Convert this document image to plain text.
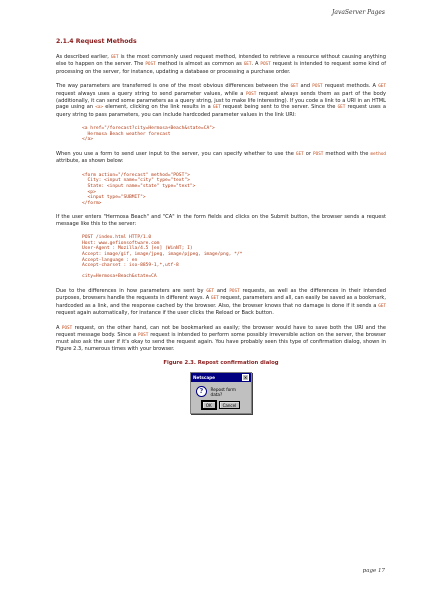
JavaServer Pages
2.1.4 Request Methods

As described earlier, GET is the most commonly used request method, intended to retrieve a resource without causing anything else to happen on the server. The POST method is almost as common as GET. A POST request is intended to request some kind of processing on the server, for instance, updating a database or processing a purchase order.

The way parameters are transferred is one of the most obvious differences between the GET and POST request methods. A GET request always uses a query string to send parameter values, while a POST request always sends them as part of the body (additionally, it can send some parameters as a query string, just to make life interesting). If you code a link to a URI in an HTML page using an <a> element, clicking on the link results in a GET request being sent to the server. Since the GET request uses a query string to pass parameters, you can include hardcoded parameter values in the link URI:

<a href="/forecast?city=Hermosa+Beach&state=CA">
Hermosa Beach weather forecast
</a>

When you use a form to send user input to the server, you can specify whether to use the GET or POST method with the method attribute, as shown below:

<form action="/forecast" method="POST">
City: <input name="city" type="text">
State: <input name="state" type="text">
<p>
<input type="SUBMIT">
</form>

If the user enters "Hermosa Beach" and "CA" in the form fields and clicks on the Submit button, the browser sends a request message like this to the server:

POST /index.html HTTP/1.0
Host: www.gefionsoftware.com
User-Agent : Mozilla/4.5 [en] (WinNT; I)
Accept: image/gif, image/jpeg, image/pjpeg, image/png, */*
Accept-language : en
Accept-charset : iso-8859-1,*,utf-8

city=Hermosa+Beach&state=CA

Due to the differences in how parameters are sent by GET and POST requests, as well as the differences in their intended purposes, browsers handle the requests in different ways. A GET request, parameters and all, can easily be saved as a bookmark, hardcoded as a link, and the response cached by the browser. Also, the browser knows that no damage is done if it sends a GET request again automatically, for instance if the user clicks the Reload or Back button.

A POST request, on the other hand, can not be bookmarked as easily; the browser would have to save both the URI and the request message body. Since a POST request is intended to perform some possibly irreversible action on the server, the browser must also ask the user if it's okay to send the request again. You have probably seen this type of confirmation dialog, shown in Figure 2.3, numerous times with your browser.

Figure 2.3. Repost confirmation dialog
Netscape	×
?	Repost form data?
OK	Cancel
page 17
